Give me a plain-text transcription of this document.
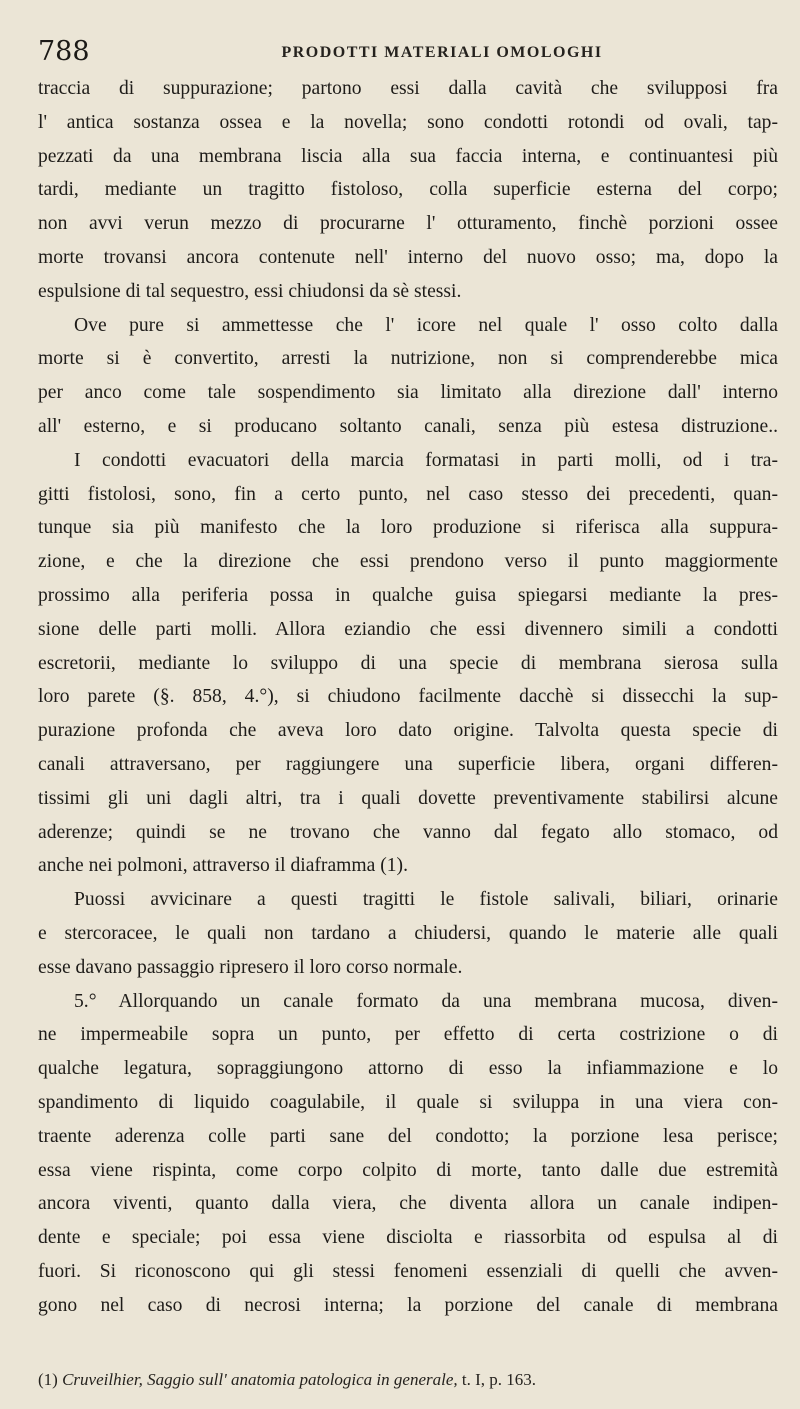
788	PRODOTTI MATERIALI OMOLOGHI
traccia di suppurazione; partono essi dalla cavità che svilupposi fra
l' antica sostanza ossea e la novella; sono condotti rotondi od ovali, tap-
pezzati da una membrana liscia alla sua faccia interna, e continuantesi più
tardi, mediante un tragitto fistoloso, colla superficie esterna del corpo;
non avvi verun mezzo di procurarne l' otturamento, finchè porzioni ossee
morte trovansi ancora contenute nell' interno del nuovo osso; ma, dopo la
espulsione di tal sequestro, essi chiudonsi da sè stessi.
Ove pure si ammettesse che l' icore nel quale l' osso colto dalla
morte si è convertito, arresti la nutrizione, non si comprenderebbe mica
per anco come tale sospendimento sia limitato alla direzione dall' interno
all' esterno, e si producano soltanto canali, senza più estesa distruzione..
I condotti evacuatori della marcia formatasi in parti molli, od i tra-
gitti fistolosi, sono, fin a certo punto, nel caso stesso dei precedenti, quan-
tunque sia più manifesto che la loro produzione si riferisca alla suppura-
zione, e che la direzione che essi prendono verso il punto maggiormente
prossimo alla periferia possa in qualche guisa spiegarsi mediante la pres-
sione delle parti molli. Allora eziandio che essi divennero simili a condotti
escretorii, mediante lo sviluppo di una specie di membrana sierosa sulla
loro parete (§. 858, 4.°), si chiudono facilmente dacchè si dissecchi la sup-
purazione profonda che aveva loro dato origine. Talvolta questa specie di
canali attraversano, per raggiungere una superficie libera, organi differen-
tissimi gli uni dagli altri, tra i quali dovette preventivamente stabilirsi alcune
aderenze; quindi se ne trovano che vanno dal fegato allo stomaco, od
anche nei polmoni, attraverso il diaframma (1).
Puossi avvicinare a questi tragitti le fistole salivali, biliari, orinarie
e stercoracee, le quali non tardano a chiudersi, quando le materie alle quali
esse davano passaggio ripresero il loro corso normale.
5.° Allorquando un canale formato da una membrana mucosa, diven-
ne impermeabile sopra un punto, per effetto di certa costrizione o di
qualche legatura, sopraggiungono attorno di esso la infiammazione e lo
spandimento di liquido coagulabile, il quale si sviluppa in una viera con-
traente aderenza colle parti sane del condotto; la porzione lesa perisce;
essa viene rispinta, come corpo colpito di morte, tanto dalle due estremità
ancora viventi, quanto dalla viera, che diventa allora un canale indipen-
dente e speciale; poi essa viene disciolta e riassorbita od espulsa al di
fuori. Si riconoscono qui gli stessi fenomeni essenziali di quelli che avven-
gono nel caso di necrosi interna; la porzione del canale di membrana
(1) Cruveilhier, Saggio sull' anatomia patologica in generale, t. I, p. 163.
